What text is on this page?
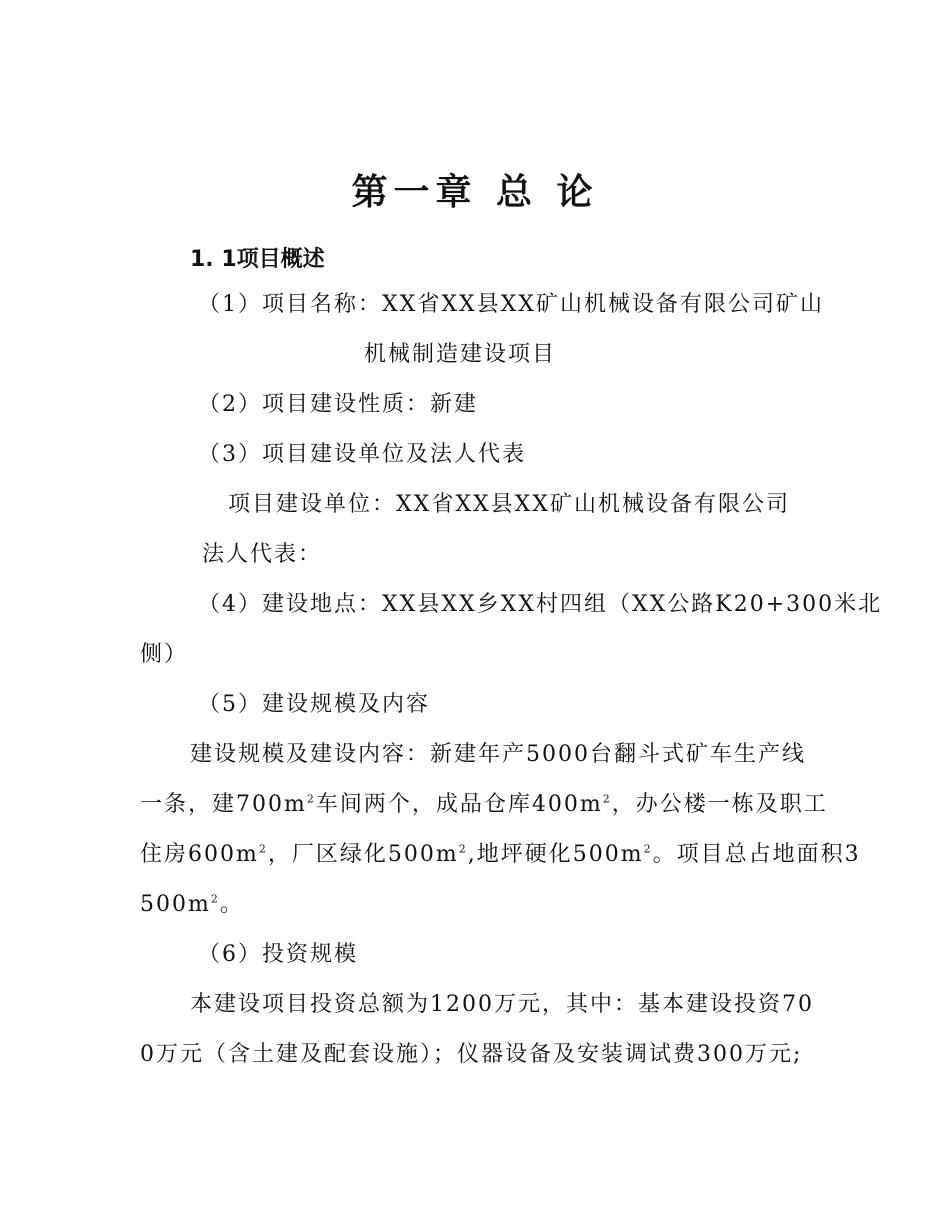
第一章 总 论
1. 1项目概述
（1）项目名称：XX省XX县XX矿山机械设备有限公司矿山
机械制造建设项目
（2）项目建设性质：新建
（3）项目建设单位及法人代表
项目建设单位：XX省XX县XX矿山机械设备有限公司
法人代表：
（4）建设地点：XX县XX乡XX村四组（XX公路K20+300米北
侧）
（5）建设规模及内容
建设规模及建设内容：新建年产5000台翻斗式矿车生产线
一条，建$700m^2$车间两个，成品仓库$400m^2$，办公楼一栋及职工
住房$600m^2$，厂区绿化$500m^2$,地坪硬化$500m^2$。项目总占地面积3
$500m^2$。
（6）投资规模
本建设项目投资总额为1200万元，其中：基本建设投资70
0万元（含土建及配套设施）；仪器设备及安装调试费300万元;
